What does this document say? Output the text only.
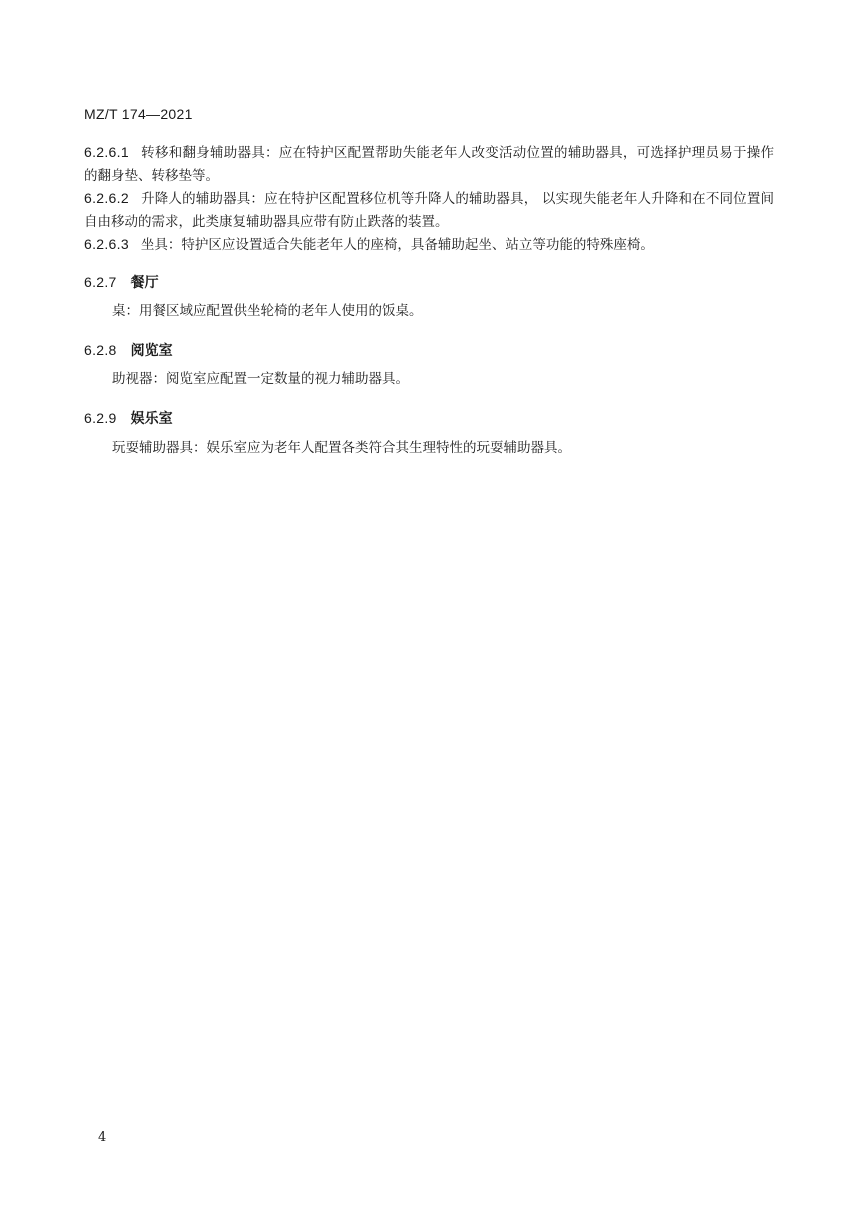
MZ/T 174—2021
6.2.6.1 转移和翻身辅助器具：应在特护区配置帮助失能老年人改变活动位置的辅助器具，可选择护理员易于操作的翻身垫、转移垫等。
6.2.6.2 升降人的辅助器具：应在特护区配置移位机等升降人的辅助器具， 以实现失能老年人升降和在不同位置间自由移动的需求，此类康复辅助器具应带有防止跌落的装置。
6.2.6.3 坐具：特护区应设置适合失能老年人的座椅，具备辅助起坐、站立等功能的特殊座椅。
6.2.7 餐厅
桌：用餐区域应配置供坐轮椅的老年人使用的饭桌。
6.2.8 阅览室
助视器：阅览室应配置一定数量的视力辅助器具。
6.2.9 娱乐室
玩耍辅助器具：娱乐室应为老年人配置各类符合其生理特性的玩耍辅助器具。
4
